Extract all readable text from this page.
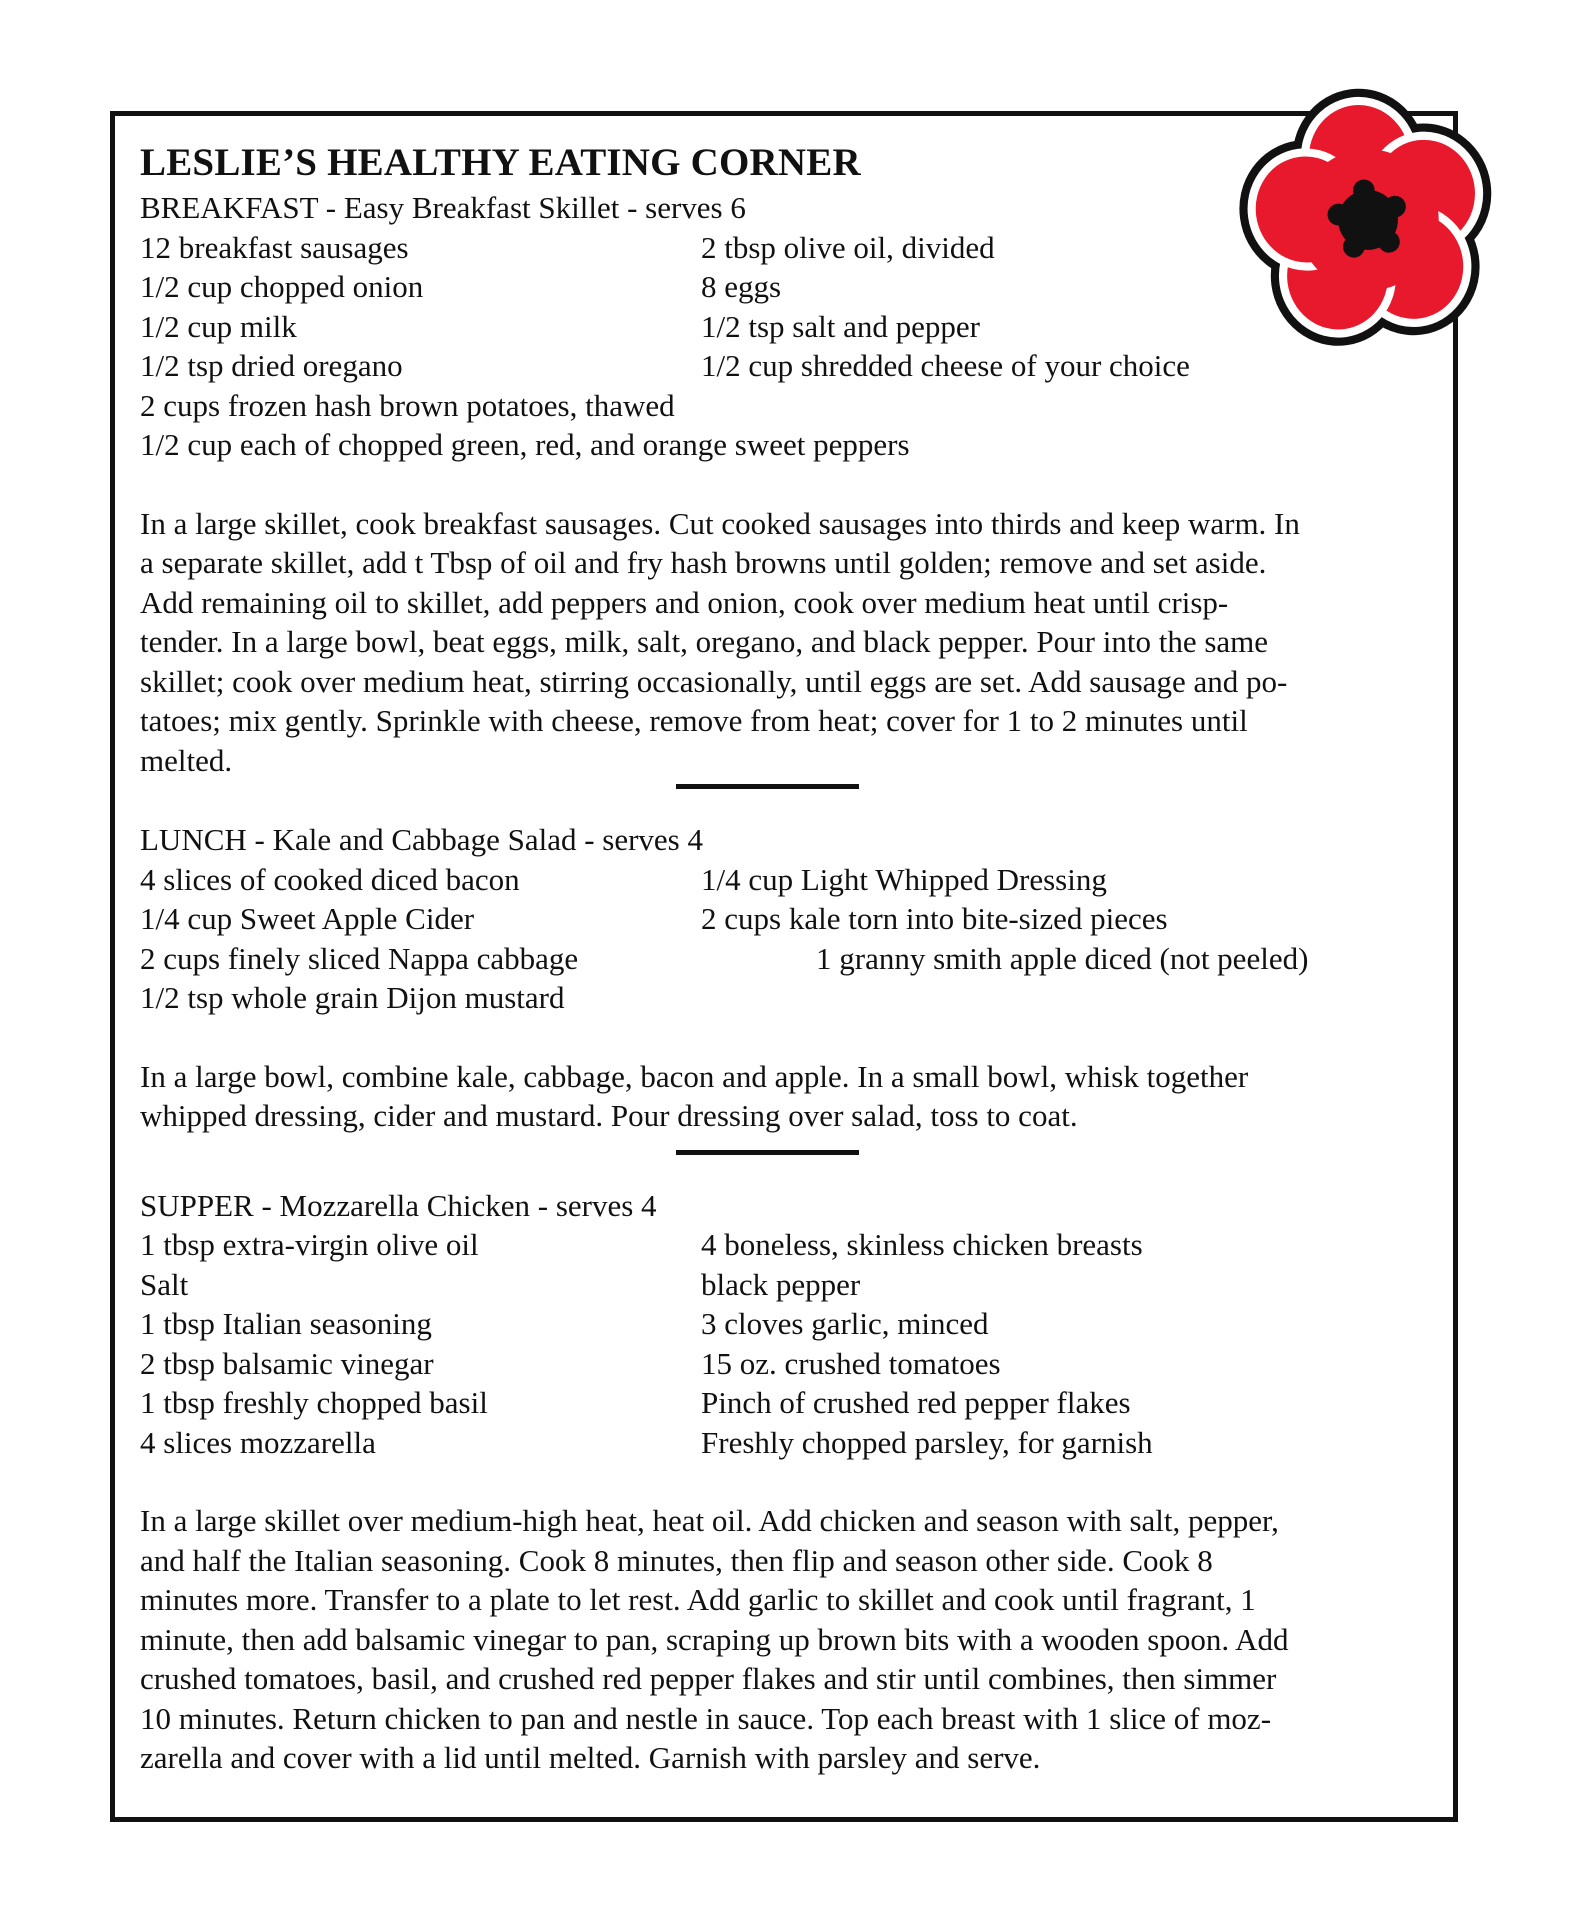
LESLIE’S HEALTHY EATING CORNER
BREAKFAST - Easy Breakfast Skillet - serves 6
12 breakfast sausages	2 tbsp olive oil, divided
1/2 cup chopped onion	8 eggs
1/2 cup milk	1/2 tsp salt and pepper
1/2 tsp dried oregano	1/2 cup shredded cheese of your choice
2 cups frozen hash brown potatoes, thawed
1/2 cup each of chopped green, red, and orange sweet peppers
In a large skillet, cook breakfast sausages. Cut cooked sausages into thirds and keep warm. In
a separate skillet, add t Tbsp of oil and fry hash browns until golden; remove and set aside.
Add remaining oil to skillet, add peppers and onion, cook over medium heat until crisp-
tender. In a large bowl, beat eggs, milk, salt, oregano, and black pepper. Pour into the same
skillet; cook over medium heat, stirring occasionally, until eggs are set. Add sausage and po-
tatoes; mix gently. Sprinkle with cheese, remove from heat; cover for 1 to 2 minutes until
melted.
LUNCH - Kale and Cabbage Salad - serves 4
4 slices of cooked diced bacon	1/4 cup Light Whipped Dressing
1/4 cup Sweet Apple Cider	2 cups kale torn into bite-sized pieces
2 cups finely sliced Nappa cabbage	1 granny smith apple diced (not peeled)
1/2 tsp whole grain Dijon mustard
In a large bowl, combine kale, cabbage, bacon and apple. In a small bowl, whisk together
whipped dressing, cider and mustard. Pour dressing over salad, toss to coat.
SUPPER - Mozzarella Chicken - serves 4
1 tbsp extra-virgin olive oil	4 boneless, skinless chicken breasts
Salt	black pepper
1 tbsp Italian seasoning	3 cloves garlic, minced
2 tbsp balsamic vinegar	15 oz. crushed tomatoes
1 tbsp freshly chopped basil	Pinch of crushed red pepper flakes
4 slices mozzarella	Freshly chopped parsley, for garnish
In a large skillet over medium-high heat, heat oil. Add chicken and season with salt, pepper,
and half the Italian seasoning. Cook 8 minutes, then flip and season other side. Cook 8
minutes more. Transfer to a plate to let rest. Add garlic to skillet and cook until fragrant, 1
minute, then add balsamic vinegar to pan, scraping up brown bits with a wooden spoon. Add
crushed tomatoes, basil, and crushed red pepper flakes and stir until combines, then simmer
10 minutes. Return chicken to pan and nestle in sauce. Top each breast with 1 slice of moz-
zarella and cover with a lid until melted. Garnish with parsley and serve.
